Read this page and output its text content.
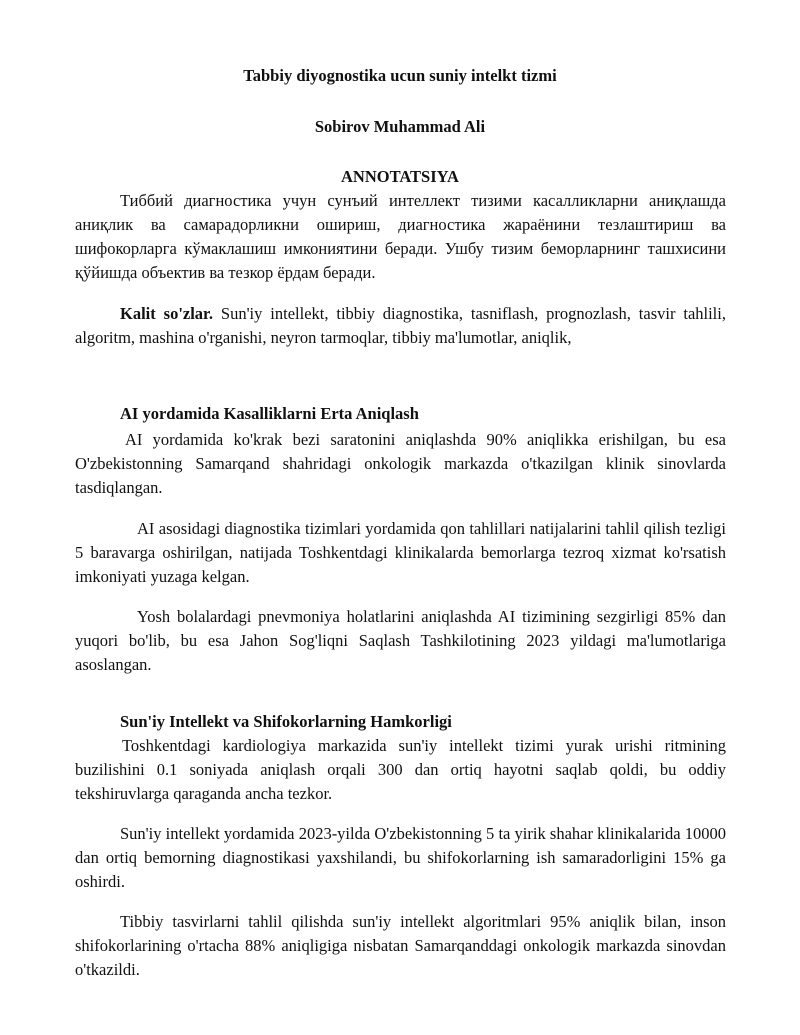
Tabbiy diyognostika ucun suniy intelkt tizmi
Sobirov Muhammad Ali
ANNOTATSIYA
Тиббий диагностика учун сунъий интеллект тизими касалликларни аниқлашда аниқлик ва самарадорликни ошириш, диагностика жараёнини тезлаштириш ва шифокорларга кўмаклашиш имкониятини беради. Ушбу тизим беморларнинг ташхисини қўйишда объектив ва тезкор ёрдам беради.
Kalit so'zlar. Sun'iy intellekt, tibbiy diagnostika, tasniflash, prognozlash, tasvir tahlili, algoritm, mashina o'rganishi, neyron tarmoqlar, tibbiy ma'lumotlar, aniqlik,
AI yordamida Kasalliklarni Erta Aniqlash
AI yordamida ko'krak bezi saratonini aniqlashda 90% aniqlikka erishilgan, bu esa O'zbekistonning Samarqand shahridagi onkologik markazda o'tkazilgan klinik sinovlarda tasdiqlangan.
AI asosidagi diagnostika tizimlari yordamida qon tahlillari natijalarini tahlil qilish tezligi 5 baravarga oshirilgan, natijada Toshkentdagi klinikalarda bemorlarga tezroq xizmat ko'rsatish imkoniyati yuzaga kelgan.
Yosh bolalardagi pnevmoniya holatlarini aniqlashda AI tizimining sezgirligi 85% dan yuqori bo'lib, bu esa Jahon Sog'liqni Saqlash Tashkilotining 2023 yildagi ma'lumotlariga asoslangan.
Sun'iy Intellekt va Shifokorlarning Hamkorligi
Toshkentdagi kardiologiya markazida sun'iy intellekt tizimi yurak urishi ritmining buzilishini 0.1 soniyada aniqlash orqali 300 dan ortiq hayotni saqlab qoldi, bu oddiy tekshiruvlarga qaraganda ancha tezkor.
Sun'iy intellekt yordamida 2023-yilda O'zbekistonning 5 ta yirik shahar klinikalarida 10000 dan ortiq bemorning diagnostikasi yaxshilandi, bu shifokorlarning ish samaradorligini 15% ga oshirdi.
Tibbiy tasvirlarni tahlil qilishda sun'iy intellekt algoritmlari 95% aniqlik bilan, inson shifokorlarining o'rtacha 88% aniqligiga nisbatan Samarqanddagi onkologik markazda sinovdan o'tkazildi.
